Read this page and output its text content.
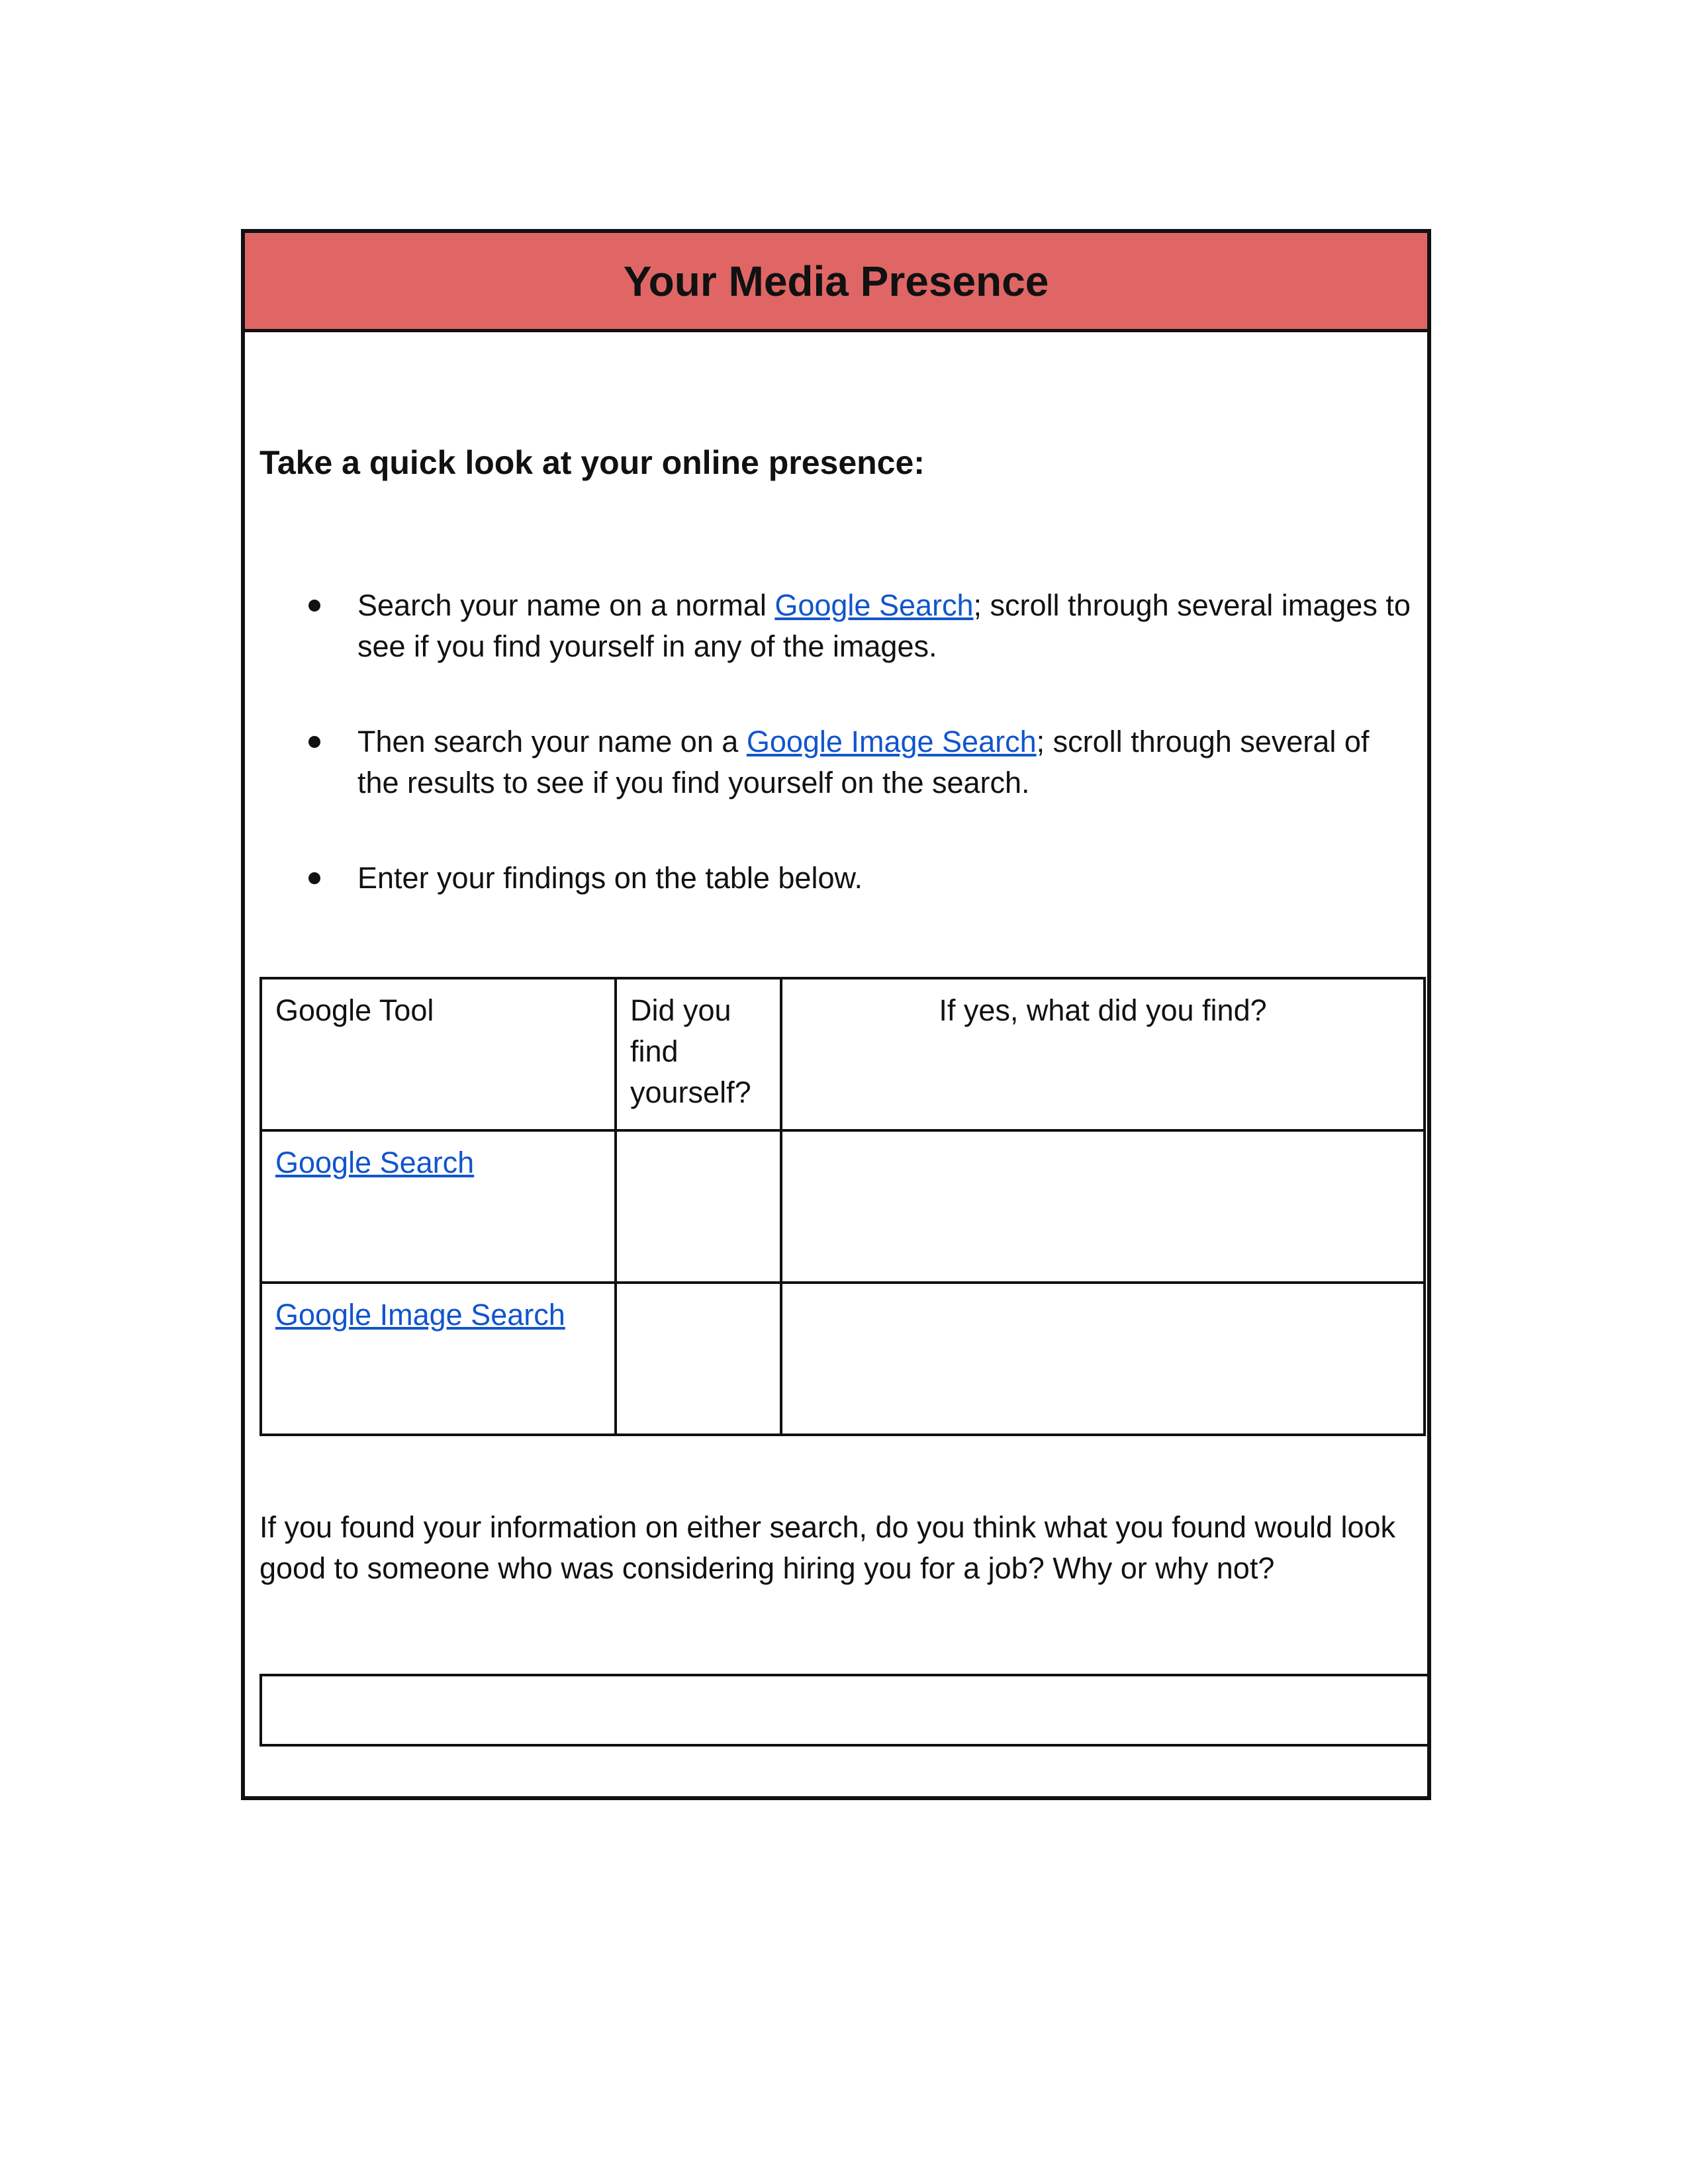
Your Media Presence
Take a quick look at your online presence:
Search your name on a normal Google Search; scroll through several images to see if you find yourself in any of the images.
Then search your name on a Google Image Search; scroll through several of the results to see if you find yourself on the search.
Enter your findings on the table below.
Google Tool	Did you find yourself?	If yes, what did you find?
Google Search		
Google Image Search		

If you found your information on either search, do you think what you found would look good to someone who was considering hiring you for a job? Why or why not?
